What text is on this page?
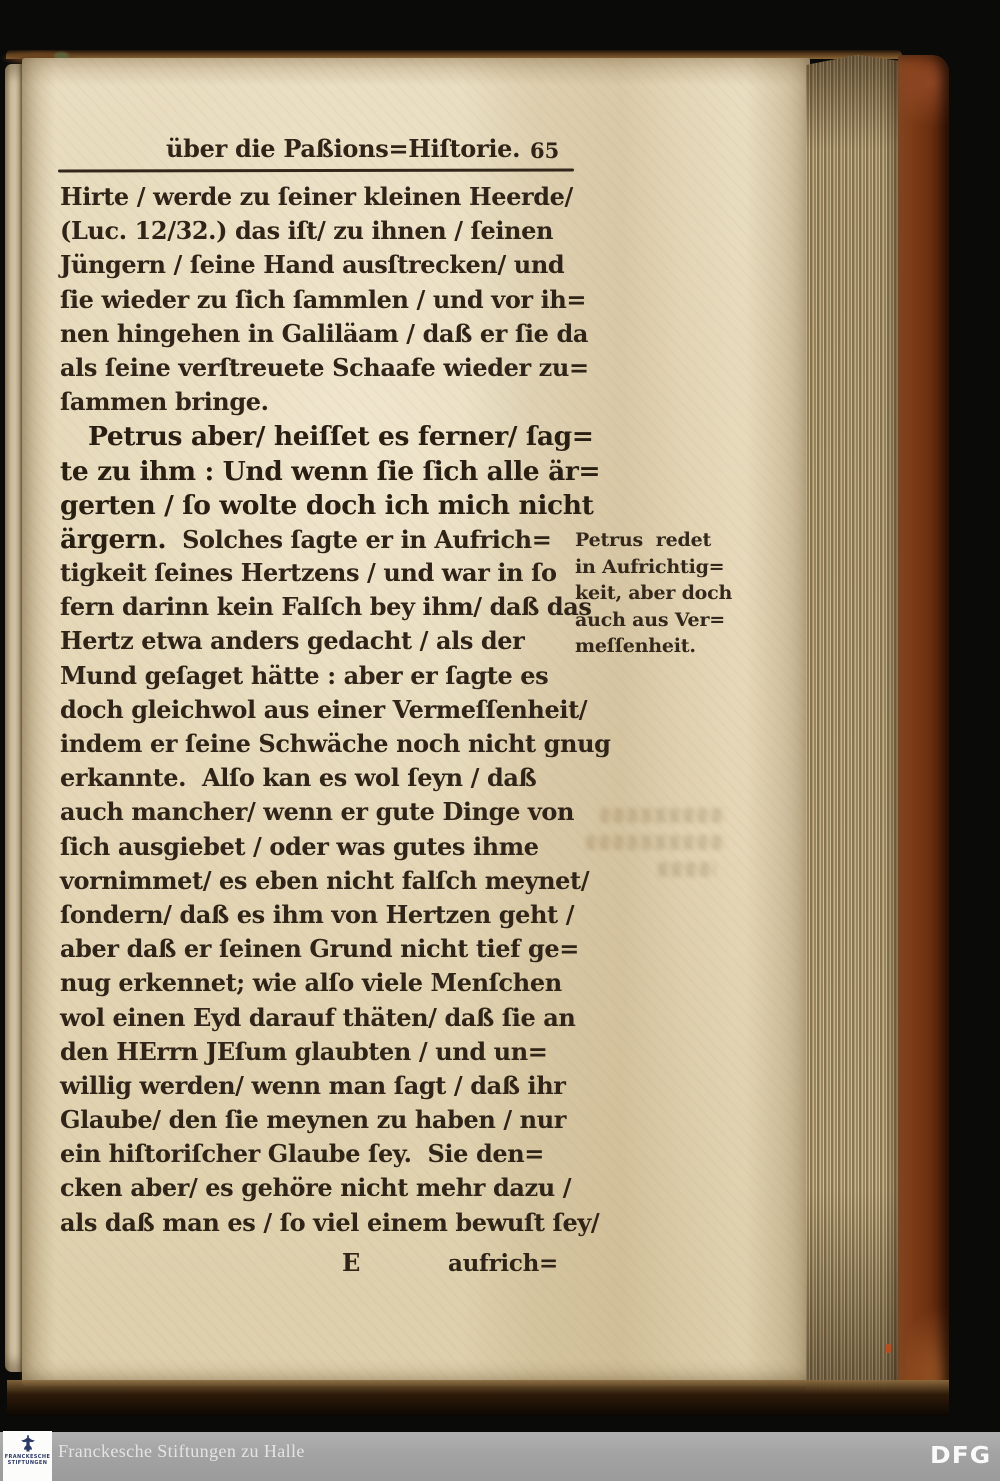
über die Paßions=Hiſtorie. 65
Hirte / werde zu ſeiner kleinen Heerde/
(Luc. 12/32.) das iſt/ zu ihnen / ſeinen
Jüngern / ſeine Hand ausſtrecken/ und
ſie wieder zu ſich ſammlen / und vor ih=
nen hingehen in Galiläam / daß er ſie da
als ſeine verſtreuete Schaafe wieder zu=
ſammen bringe.
Petrus aber/ heiſſet es ferner/ ſag=
te zu ihm : Und wenn ſie ſich alle är=
gerten / ſo wolte doch ich mich nicht
ärgern.  Solches ſagte er in Aufrich=
tigkeit ſeines Hertzens / und war in ſo
fern darinn kein Falſch bey ihm/ daß das
Hertz etwa anders gedacht / als der
Mund geſaget hätte : aber er ſagte es
doch gleichwol aus einer Vermeſſenheit/
indem er ſeine Schwäche noch nicht gnug
erkannte.  Alſo kan es wol ſeyn / daß
auch mancher/ wenn er gute Dinge von
ſich ausgiebet / oder was gutes ihme
vornimmet/ es eben nicht falſch meynet/
ſondern/ daß es ihm von Hertzen geht /
aber daß er ſeinen Grund nicht tief ge=
nug erkennet; wie alſo viele Menſchen
wol einen Eyd darauf thäten/ daß ſie an
den HErrn JEſum glaubten / und un=
willig werden/ wenn man ſagt / daß ihr
Glaube/ den ſie meynen zu haben / nur
ein hiſtoriſcher Glaube ſey.  Sie den=
cken aber/ es gehöre nicht mehr dazu /
als daß man es / ſo viel einem bewuſt ſey/
Petrus  redet
in Aufrichtig=
keit, aber doch
auch aus Ver=
meſſenheit.
E	aufrich=
FRANCKESCHE
STIFTUNGEN
Franckesche Stiftungen zu Halle	DFG
